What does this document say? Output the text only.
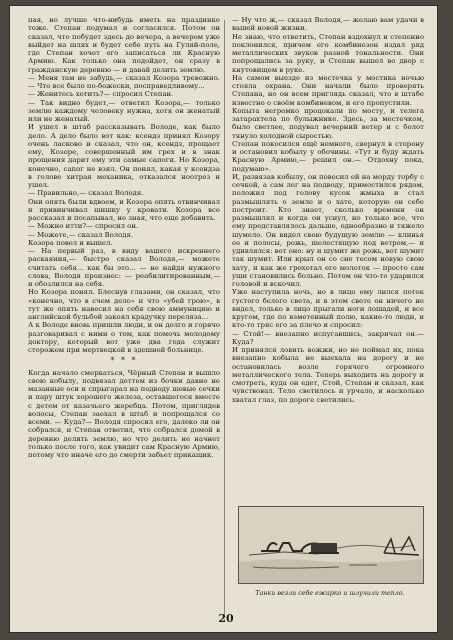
пая, но лучше что-нибудь иметь на праздинке тоже. Степан подумал и согласился. Потом он сказал, что побудет здесь до вечера, а вечером уже выйдет на шлях и будет себе путь на Гуляй-поле, где Степан хочет его записаться ли Красную Армию. Как только она подойдет, он сразу в гражданскую деревню — и давай делить землю.
— Меня там не забудь,— сказал Козора тревожно.— Что все было по-божески, посправедливому...
— Женитесь хотить?— спросил Степан.
— Так видно будет,— ответил Козора,— только землю каждому человеку нужна, хотя он женатый или не женатый.
И ушел в штаб рассказывать Володе, как было дело. А дело было вот как: ксендз принял Козору очень ласково и сказал, что он, ксендз, прощает ему, Козоре, совершенный им грех и в знак прощения дарит ему эти самые сапоги. Но Козора, конечно, сапог не взял. Он понял, какая у ксендза в голове хитрая механика, отказался ноотрез и ушел.
— Правильно,— сказал Володя.
Они опять были вдвоем, и Козора опять отвинчивал и привинчивал шишку у кровати. Козора все рассказал и посапывал, не зная, что еще добавить.
— Можно итти?— спросил он.
— Можете,— сказал Володя.
Козора повел и вышел.
— На первый раз, в виду вашего искреннего раскаяния,— быстро сказал Володя,— можете считать себя... как бы это... — не найдя нужного слова, Володя произнес: — реабилитированным,— и обозлился на себя.
Но Козора понял. Блеснув глазами, он сказал, что «конечно, что в счем дело» и что «убей грою», в тут же опять навесил на себя свою аммуницию и английской бульбой закоял крадучку переляза...
А к Володе вновь пришли люди, и он долго и горячо разговаривал с ними о том, как помочь молодому доктору, который вот уже два года служит сторожем при мертвецкой в здешней больнице.

* * *

Когда начало смеркаться, Чёрный Степан и вышло свою кобылу, подвязал деттем из бочки давно не мазанные оси и спрыгарал на подводу шевые сечки и пару штук хорошего железа, оставшегося вместе с детем от казачьего жеребца. Потом, приглядев волосы, Степан заехал в штаб и попрощался со всеми. — Куда?— Володя спросил его, далеко ли он собрался, и Степан ответил, что собрался домой в деревню делить землю, но что делить не начнет только после того, как увидит сам Красную Армию, потому что иначе его до смерти забьет прикащик.

— Ну что ж,— сказал Володя,— желаю вам удачи в вашей новой жизни.
Не знаю, что ответить, Степан вздохнул и степенно поклонился, причем его комбинезон издал ряд металлических звуков разной тональности. Они попрощались за руку, и Степан вышел во двор с кнутовищем в руке.
На самом выезде из местечка у мостика ночью стояла охрана. Они начали было проверять Степана, но он всем приглядь сказал, что в штабе известно о своём комбиневом, и его пропустили.
Копыта негромко процокали по мосту, и телега затарахтела по булыжнике. Здесь, за местечком, было светлее, подувал вечерний ветер и с болот тянуло холодной сыростью.
Степан покосился ещё немного, свернул в сторону и остановил кобылу у обочины. «Тут и буду ждать Красную Армию,— решил он.— Отдохну пока, подумаю».
И, развязав кобылу, он повесил ей на морду торбу с сечкой, а сам лег на подводу, примостился рядом, положил под голову кусок жмыха и стал размышлять о земле и о хате, которую он себе построит. Кто знает, сколько времени он размышлял и когда он уснул, но только все, что ему представлялось дальше, однообразно и тяжело шумело. Он видел свою будущую землю — клинья ее и полосы, рожь, шелестящую под ветром,— и удивлялся: вот оно: ну и шумит же рожь, вот шумит так шумит. Или крыл он со сне тесом новую свою хату, и как же грохотал его молоток — просто сам уши становились больно. Потом он что-то ударился головой и вскочил.
Уже наступила ночь, но в лицо ему лился поток густого белого света, и в этом свете он ничего не видел, только в лицо прыгали ноги лошадей, и все кругом, где по взметенный полю, какие-то люди, и кто-то тряс его за плечо и спросил:
— Стой!— внезапно испугавшись, закричал он.— Куда?
И принялся ловить вожжи, но не поймал их, пока внезапно кобыла не выехала на дорогу и не остановилась возле горячего огромного металлического тела. Теперь выходить на дорогу и смотреть, куда он едет, Стой, Степан и сказал, как чувствовал. Тело светилось и урчало, и насколько хватал глаз, по дороге светились.

Танки везли себе ежарко и шлучили тепло.
20
